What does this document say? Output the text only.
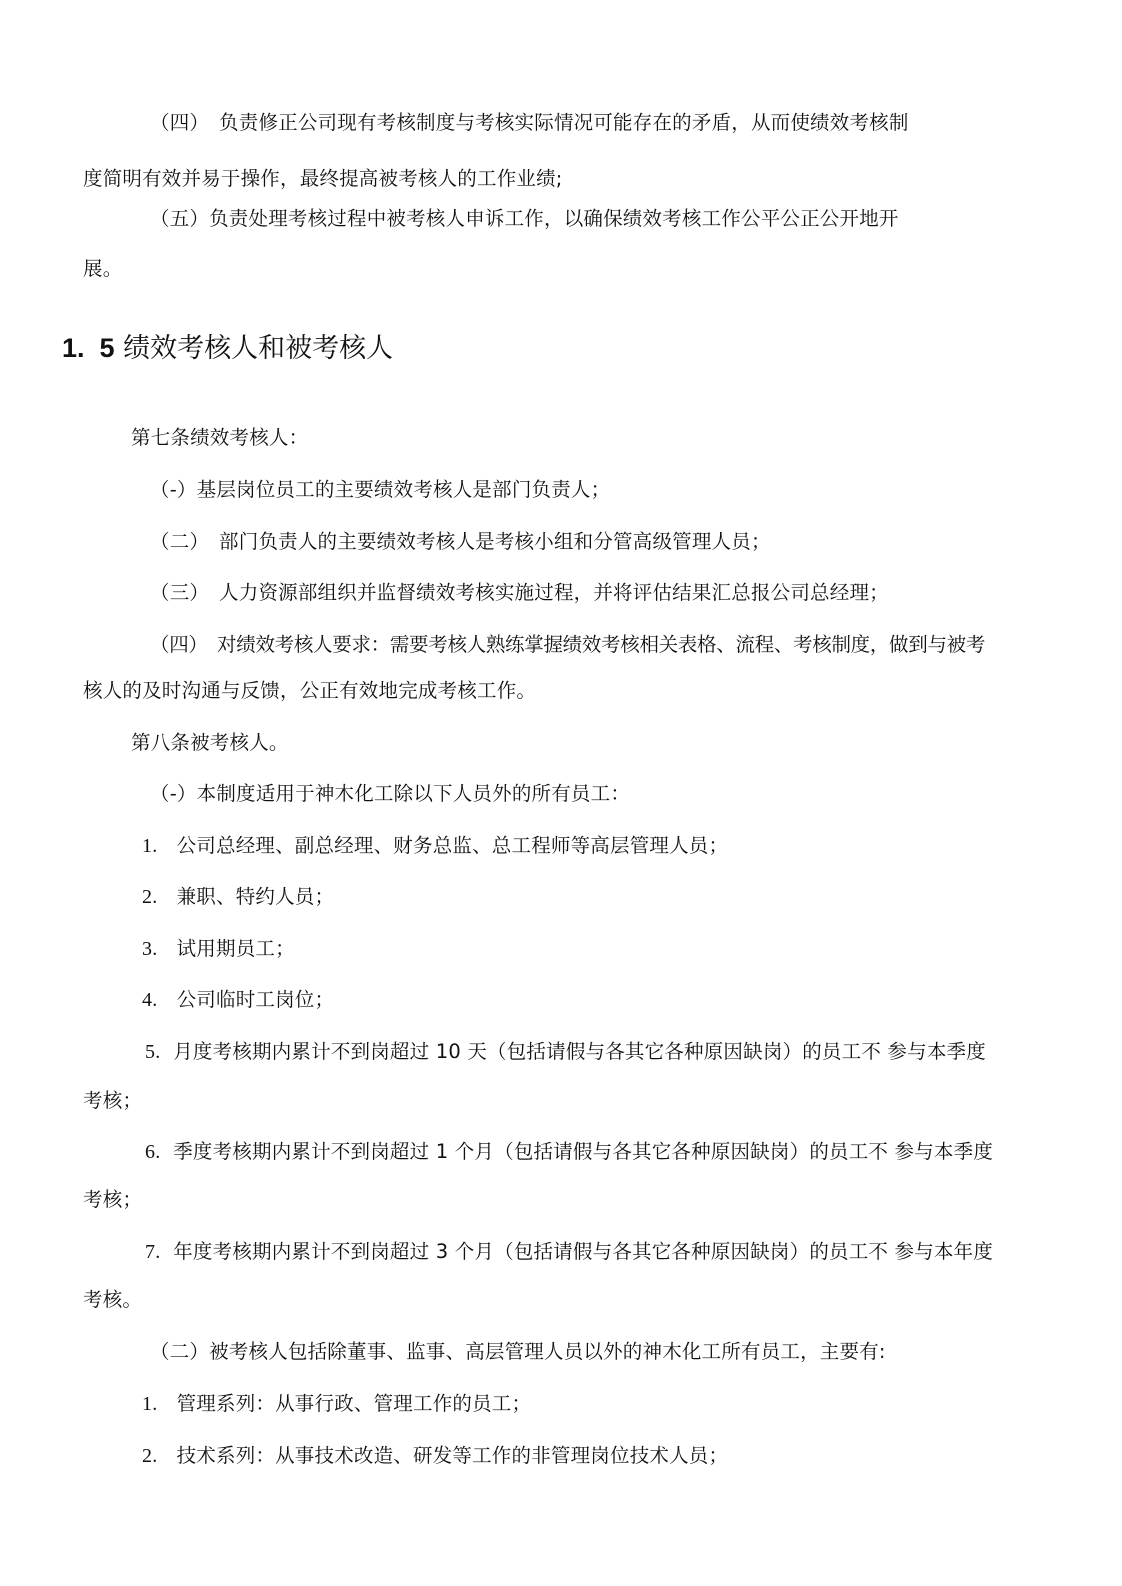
（四）　负责修正公司现有考核制度与考核实际情况可能存在的矛盾，从而使绩效考核制
度简明有效并易于操作，最终提高被考核人的工作业绩;
（五）负责处理考核过程中被考核人申诉工作，以确保绩效考核工作公平公正公开地开
展。
1.  5 绩效考核人和被考核人
第七条绩效考核人：
（-）基层岗位员工的主要绩效考核人是部门负责人；
（二）　部门负责人的主要绩效考核人是考核小组和分管高级管理人员；
（三）　人力资源部组织并监督绩效考核实施过程，并将评估结果汇总报公司总经理；
（四）　对绩效考核人要求：需要考核人熟练掌握绩效考核相关表格、流程、考核制度，做到与被考
核人的及时沟通与反馈，公正有效地完成考核工作。
第八条被考核人。
（-）本制度适用于神木化工除以下人员外的所有员工：
1. 公司总经理、副总经理、财务总监、总工程师等高层管理人员；
2. 兼职、特约人员；
3. 试用期员工；
4. 公司临时工岗位；
5. 月度考核期内累计不到岗超过 10 天（包括请假与各其它各种原因缺岗）的员工不 参与本季度
考核；
6. 季度考核期内累计不到岗超过 1 个月（包括请假与各其它各种原因缺岗）的员工不 参与本季度
考核；
7. 年度考核期内累计不到岗超过 3 个月（包括请假与各其它各种原因缺岗）的员工不 参与本年度
考核。
（二）被考核人包括除董事、监事、高层管理人员以外的神木化工所有员工，主要有:
1. 管理系列：从事行政、管理工作的员工；
2. 技术系列：从事技术改造、研发等工作的非管理岗位技术人员；
